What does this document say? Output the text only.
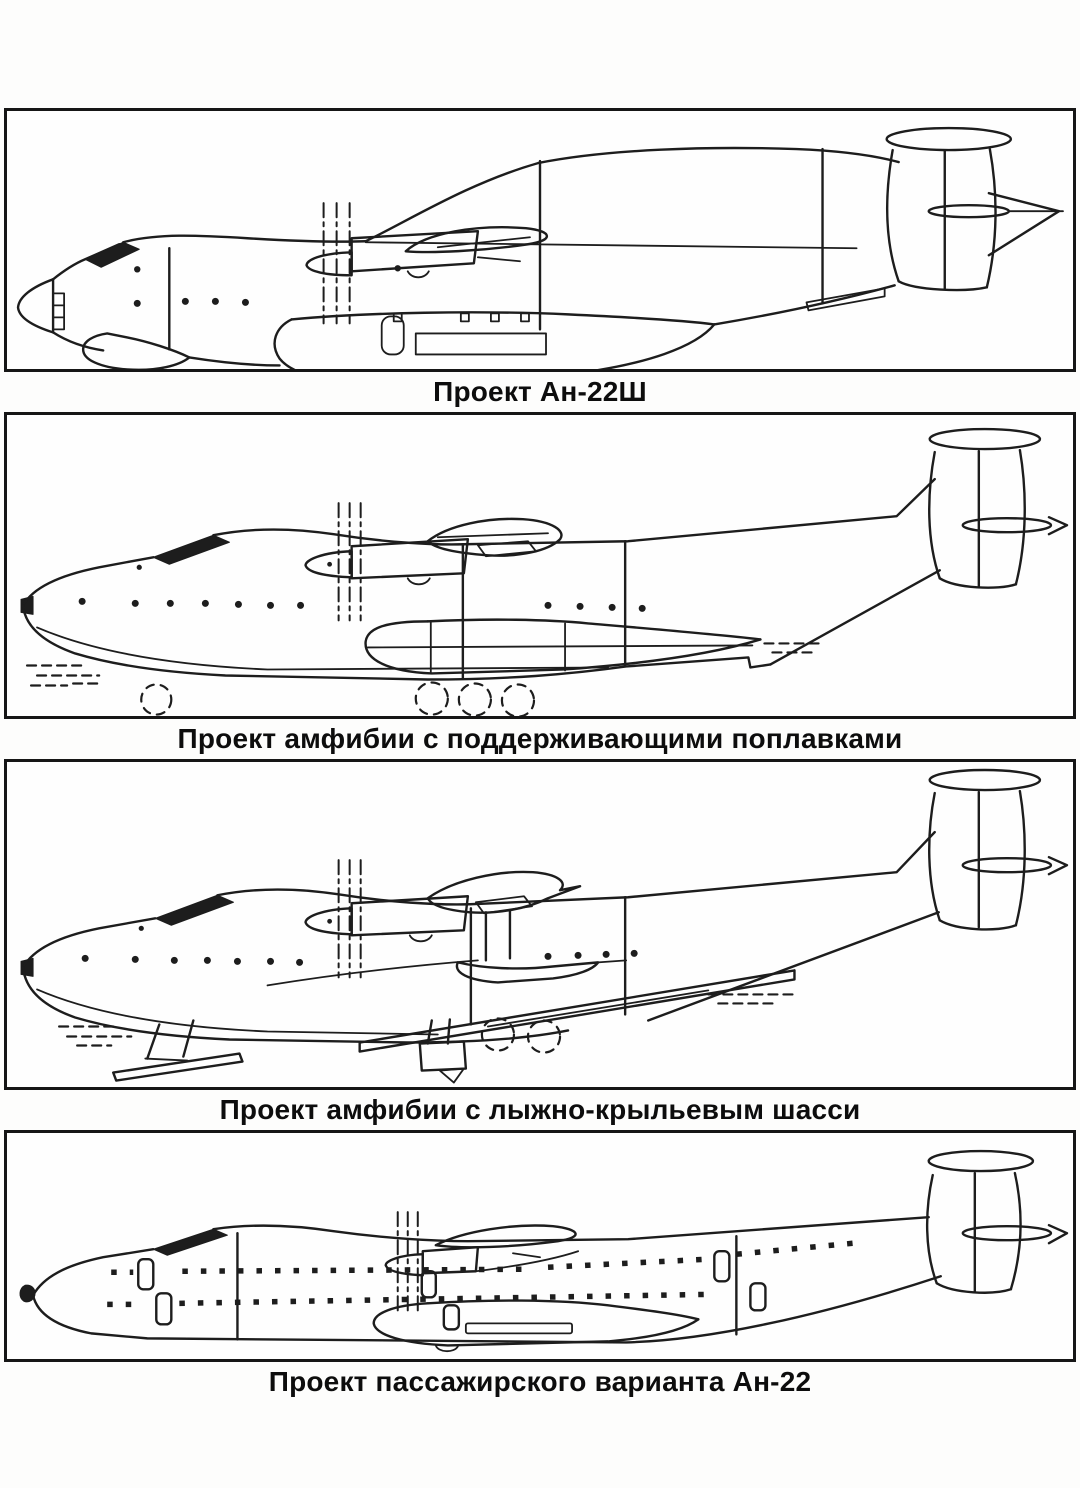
Проект Ан-22Ш

Проект амфибии с поддерживающими поплавками

Проект амфибии с лыжно-крыльевым шасси

Проект пассажирского варианта Ан-22
